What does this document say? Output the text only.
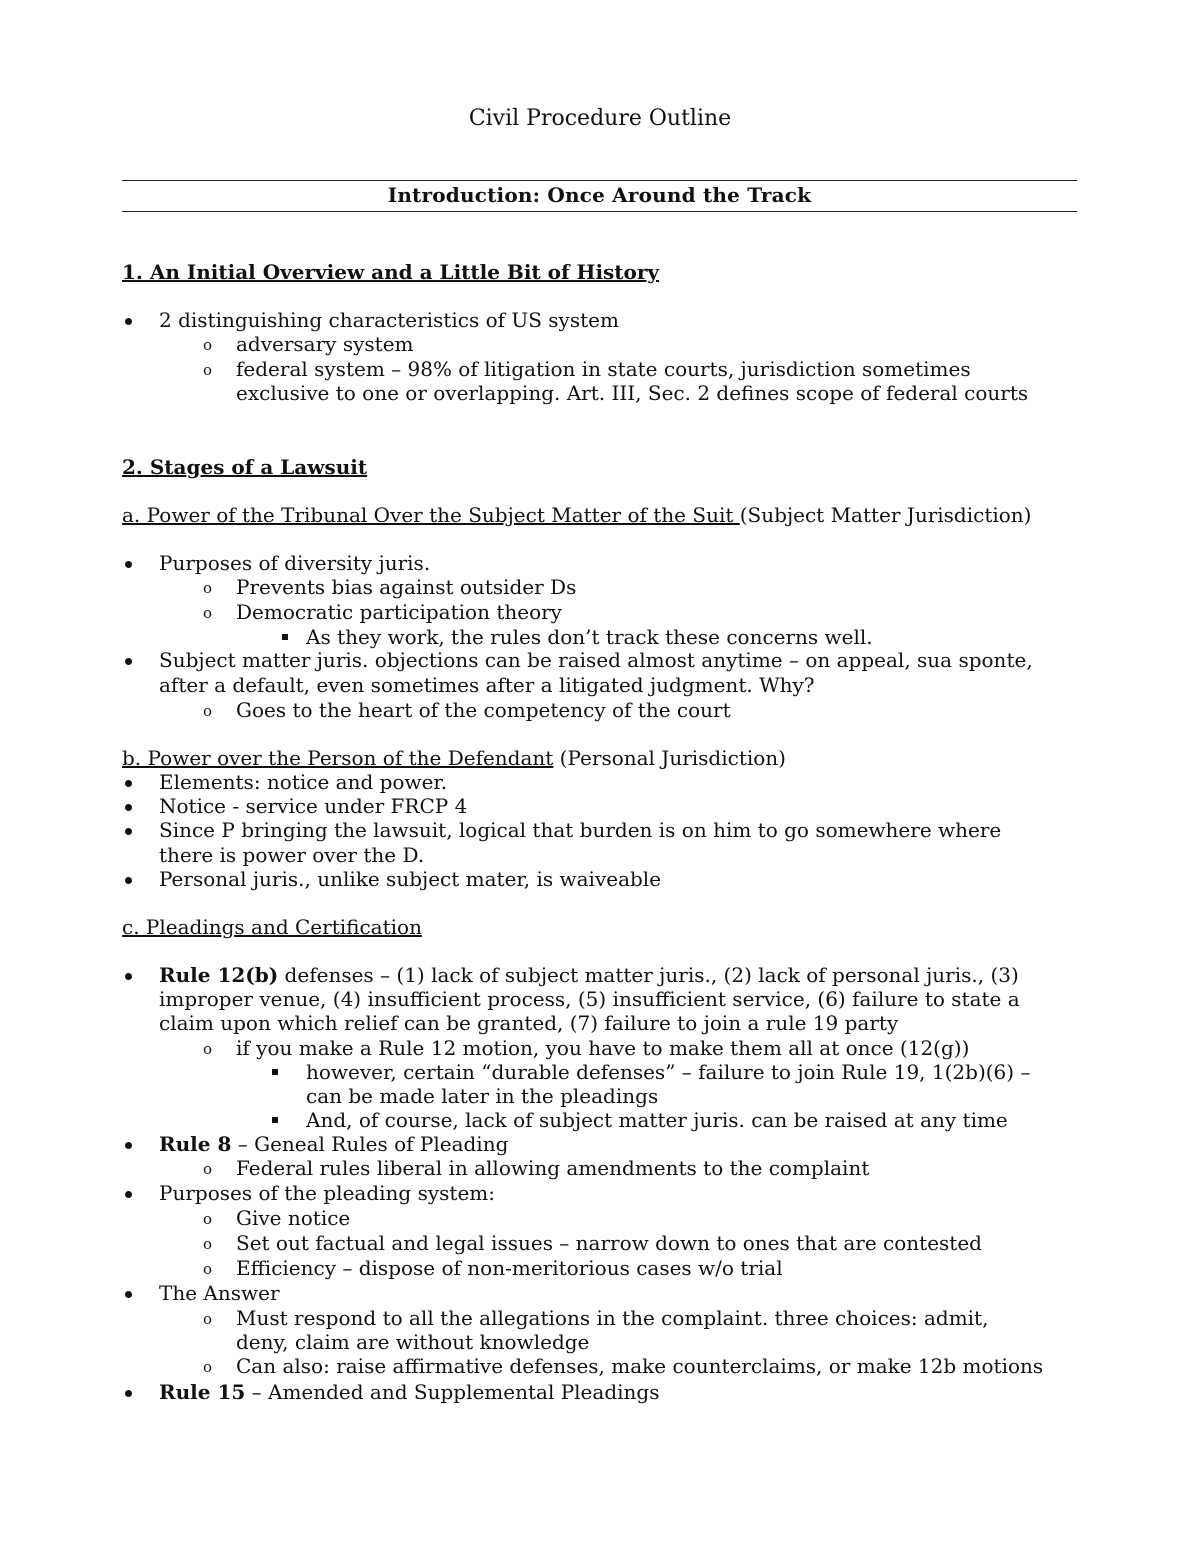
Civil Procedure Outline
Introduction: Once Around the Track
1. An Initial Overview and a Little Bit of History
2 distinguishing characteristics of US system
o adversary system
o federal system – 98% of litigation in state courts, jurisdiction sometimes
exclusive to one or overlapping. Art. III, Sec. 2 defines scope of federal courts
2. Stages of a Lawsuit
a. Power of the Tribunal Over the Subject Matter of the Suit (Subject Matter Jurisdiction)
Purposes of diversity juris.
o Prevents bias against outsider Ds
o Democratic participation theory
As they work, the rules don’t track these concerns well.
Subject matter juris. objections can be raised almost anytime – on appeal, sua sponte,
after a default, even sometimes after a litigated judgment. Why?
o Goes to the heart of the competency of the court
b. Power over the Person of the Defendant (Personal Jurisdiction)
Elements: notice and power.
Notice - service under FRCP 4
Since P bringing the lawsuit, logical that burden is on him to go somewhere where
there is power over the D.
Personal juris., unlike subject mater, is waiveable
c. Pleadings and Certification
Rule 12(b) defenses – (1) lack of subject matter juris., (2) lack of personal juris., (3)
improper venue, (4) insufficient process, (5) insufficient service, (6) failure to state a
claim upon which relief can be granted, (7) failure to join a rule 19 party
o if you make a Rule 12 motion, you have to make them all at once (12(g))
however, certain “durable defenses” – failure to join Rule 19, 1(2b)(6) –
can be made later in the pleadings
And, of course, lack of subject matter juris. can be raised at any time
Rule 8 – Geneal Rules of Pleading
o Federal rules liberal in allowing amendments to the complaint
Purposes of the pleading system:
o Give notice
o Set out factual and legal issues – narrow down to ones that are contested
o Efficiency – dispose of non-meritorious cases w/o trial
The Answer
o Must respond to all the allegations in the complaint. three choices: admit,
deny, claim are without knowledge
o Can also: raise affirmative defenses, make counterclaims, or make 12b motions
Rule 15 – Amended and Supplemental Pleadings
